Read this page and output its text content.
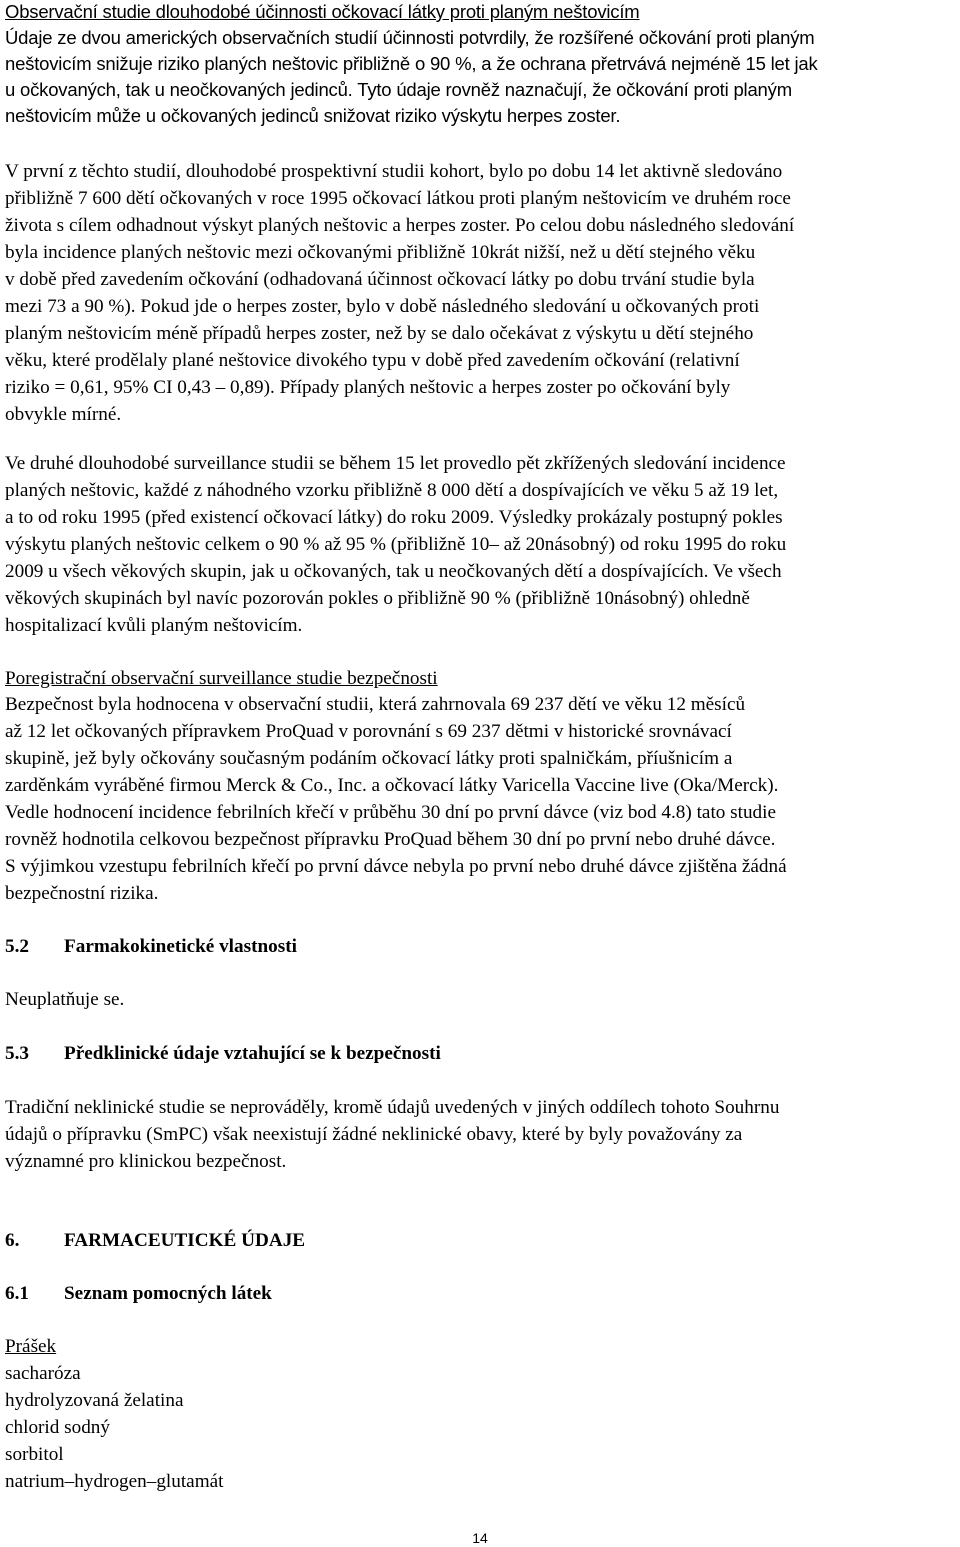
Observační studie dlouhodobé účinnosti očkovací látky proti planým neštovicím
Údaje ze dvou amerických observačních studií účinnosti potvrdily, že rozšířené očkování proti planým
neštovicím snižuje riziko planých neštovic přibližně o 90 %, a že ochrana přetrvává nejméně 15 let jak
u očkovaných, tak u neočkovaných jedinců. Tyto údaje rovněž naznačují, že očkování proti planým
neštovicím může u očkovaných jedinců snižovat riziko výskytu herpes zoster.
V první z těchto studií, dlouhodobé prospektivní studii kohort, bylo po dobu 14 let aktivně sledováno
přibližně 7 600 dětí očkovaných v roce 1995 očkovací látkou proti planým neštovicím ve druhém roce
života s cílem odhadnout výskyt planých neštovic a herpes zoster. Po celou dobu následného sledování
byla incidence planých neštovic mezi očkovanými přibližně 10krát nižší, než u dětí stejného věku
v době před zavedením očkování (odhadovaná účinnost očkovací látky po dobu trvání studie byla
mezi 73 a 90 %). Pokud jde o herpes zoster, bylo v době následného sledování u očkovaných proti
planým neštovicím méně případů herpes zoster, než by se dalo očekávat z výskytu u dětí stejného
věku, které prodělaly plané neštovice divokého typu v době před zavedením očkování (relativní
riziko = 0,61, 95% CI 0,43 – 0,89). Případy planých neštovic a herpes zoster po očkování byly
obvykle mírné.
Ve druhé dlouhodobé surveillance studii se během 15 let provedlo pět zkřížených sledování incidence
planých neštovic, každé z náhodného vzorku přibližně 8 000 dětí a dospívajících ve věku 5 až 19 let,
a to od roku 1995 (před existencí očkovací látky) do roku 2009. Výsledky prokázaly postupný pokles
výskytu planých neštovic celkem o 90 % až 95 % (přibližně 10– až 20násobný) od roku 1995 do roku
2009 u všech věkových skupin, jak u očkovaných, tak u neočkovaných dětí a dospívajících. Ve všech
věkových skupinách byl navíc pozorován pokles o přibližně 90 % (přibližně 10násobný) ohledně
hospitalizací kvůli planým neštovicím.
Poregistrační observační surveillance studie bezpečnosti
Bezpečnost byla hodnocena v observační studii, která zahrnovala 69 237 dětí ve věku 12 měsíců
až 12 let očkovaných přípravkem ProQuad v porovnání s 69 237 dětmi v historické srovnávací
skupině, jež byly očkovány současným podáním očkovací látky proti spalničkám, příušnicím a
zarděnkám vyráběné firmou Merck & Co., Inc. a očkovací látky Varicella Vaccine live (Oka/Merck).
Vedle hodnocení incidence febrilních křečí v průběhu 30 dní po první dávce (viz bod 4.8) tato studie
rovněž hodnotila celkovou bezpečnost přípravku ProQuad během 30 dní po první nebo druhé dávce.
S výjimkou vzestupu febrilních křečí po první dávce nebyla po první nebo druhé dávce zjištěna žádná
bezpečnostní rizika.
5.2 Farmakokinetické vlastnosti
Neuplatňuje se.
5.3 Předklinické údaje vztahující se k bezpečnosti
Tradiční neklinické studie se neprováděly, kromě údajů uvedených v jiných oddílech tohoto Souhrnu
údajů o přípravku (SmPC) však neexistují žádné neklinické obavy, které by byly považovány za
významné pro klinickou bezpečnost.
6. FARMACEUTICKÉ ÚDAJE
6.1 Seznam pomocných látek
Prášek
sacharóza
hydrolyzovaná želatina
chlorid sodný
sorbitol
natrium–hydrogen–glutamát
14
